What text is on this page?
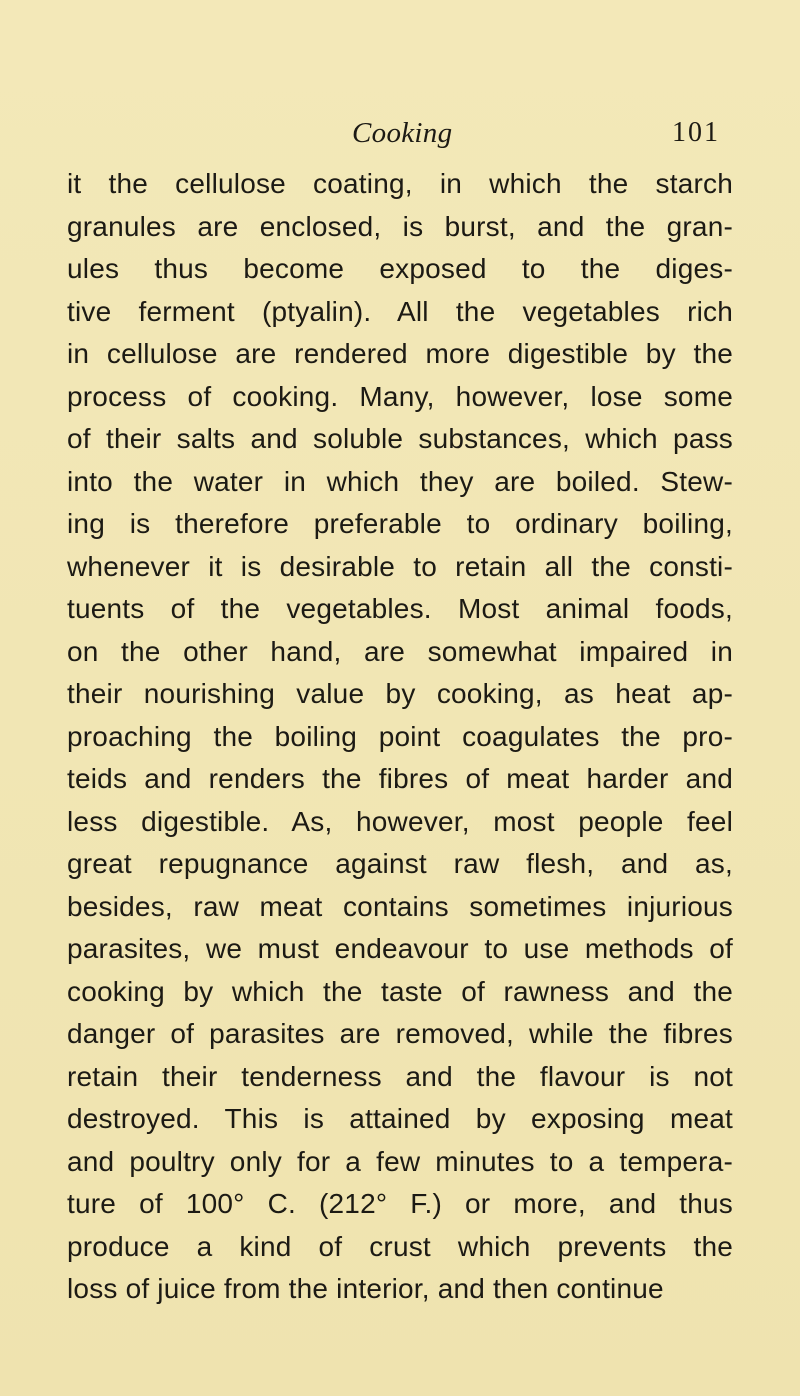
Cooking	101
it the cellulose coating, in which the starch
granules are enclosed, is burst, and the gran-
ules thus become exposed to the diges-
tive ferment (ptyalin). All the vegetables rich
in cellulose are rendered more digestible by the
process of cooking. Many, however, lose some
of their salts and soluble substances, which pass
into the water in which they are boiled. Stew-
ing is therefore preferable to ordinary boiling,
whenever it is desirable to retain all the consti-
tuents of the vegetables. Most animal foods,
on the other hand, are somewhat impaired in
their nourishing value by cooking, as heat ap-
proaching the boiling point coagulates the pro-
teids and renders the fibres of meat harder and
less digestible. As, however, most people feel
great repugnance against raw flesh, and as,
besides, raw meat contains sometimes injurious
parasites, we must endeavour to use methods of
cooking by which the taste of rawness and the
danger of parasites are removed, while the fibres
retain their tenderness and the flavour is not
destroyed. This is attained by exposing meat
and poultry only for a few minutes to a tempera-
ture of 100° C. (212° F.) or more, and thus
produce a kind of crust which prevents the
loss of juice from the interior, and then continue
